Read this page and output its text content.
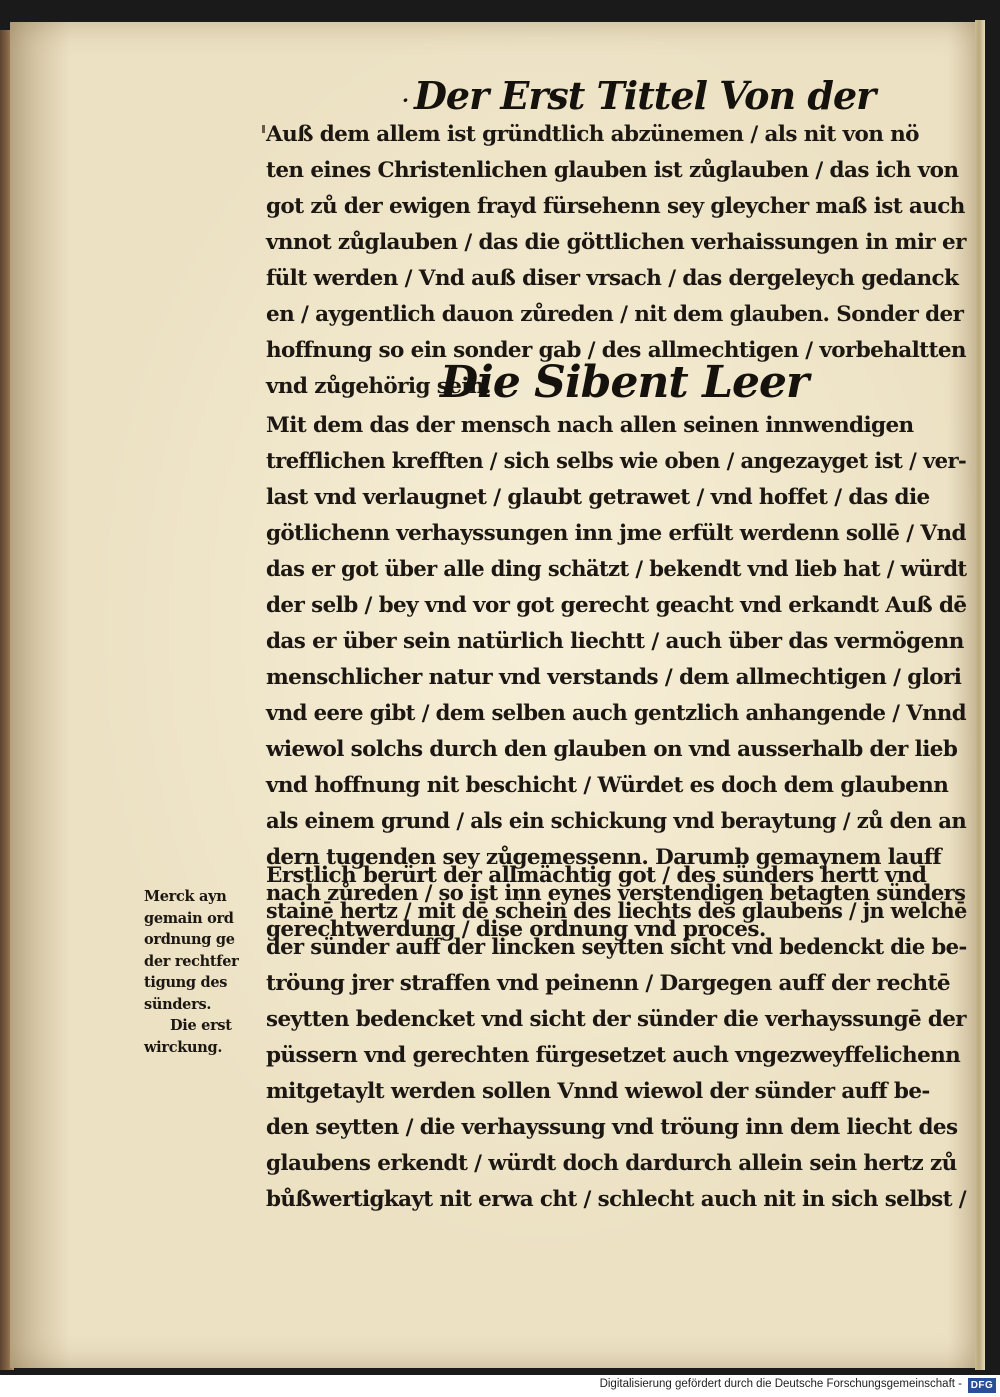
· Der Erst Tittel Von der
Auß dem allem ist gründtlich abzünemen / als nit von nö
ten eines Christenlichen glauben ist zůglauben / das ich von
got zů der ewigen frayd fürsehenn sey gleycher maß ist auch
vnnot zůglauben / das die göttlichen verhaissungen in mir er
fült werden / Vnd auß diser vrsach / das dergeleych gedanck
en / aygentlich dauon zůreden / nit dem glauben. Sonder der
hoffnung so ein sonder gab / des allmechtigen / vorbehaltten
vnd zůgehörig sein.
Die Sibent Leer
Mit dem das der mensch nach allen seinen innwendigen
trefflichen krefften / sich selbs wie oben / angezayget ist / ver-
last vnd verlaugnet / glaubt getrawet / vnd hoffet / das die
götlichenn verhayssungen inn jme erfült werdenn sollē / Vnd
das er got über alle ding schätzt / bekendt vnd lieb hat / würdt
der selb / bey vnd vor got gerecht geacht vnd erkandt Auß dē
das er über sein natürlich liechtt / auch über das vermögenn
menschlicher natur vnd verstands / dem allmechtigen / glori
vnd eere gibt / dem selben auch gentzlich anhangende / Vnnd
wiewol solchs durch den glauben on vnd ausserhalb der lieb
vnd hoffnung nit beschicht / Würdet es doch dem glaubenn
als einem grund / als ein schickung vnd beraytung / zů den an
dern tugenden sey zůgemessenn. Darumb gemaynem lauff
nach zůreden / so ist inn eynes verstendigen betagten sünders
gerechtwerdung / dise ordnung vnd proces.
Erstlich berürt der allmächtig got / des sünders hertt vnd
stainē hertz / mit dē schein des liechts des glaubens / jn welchē
der sünder auff der lincken seytten sicht vnd bedenckt die be-
tröung jrer straffen vnd peinenn / Dargegen auff der rechtē
seytten bedencket vnd sicht der sünder die verhayssungē der
püssern vnd gerechten fürgesetzet auch vngezweyffelichenn
mitgetaylt werden sollen Vnnd wiewol der sünder auff be-
den seytten / die verhayssung vnd tröung inn dem liecht des
glaubens erkendt / würdt doch dardurch allein sein hertz zů
bůßwertigkayt nit erwa cht / schlecht auch nit in sich selbst /
Merck ayn
gemain ord
ordnung ge
der rechtfer
tigung des
sünders.
Die erst
wirckung.
Digitalisierung gefördert durch die Deutsche Forschungsgemeinschaft - DFG
